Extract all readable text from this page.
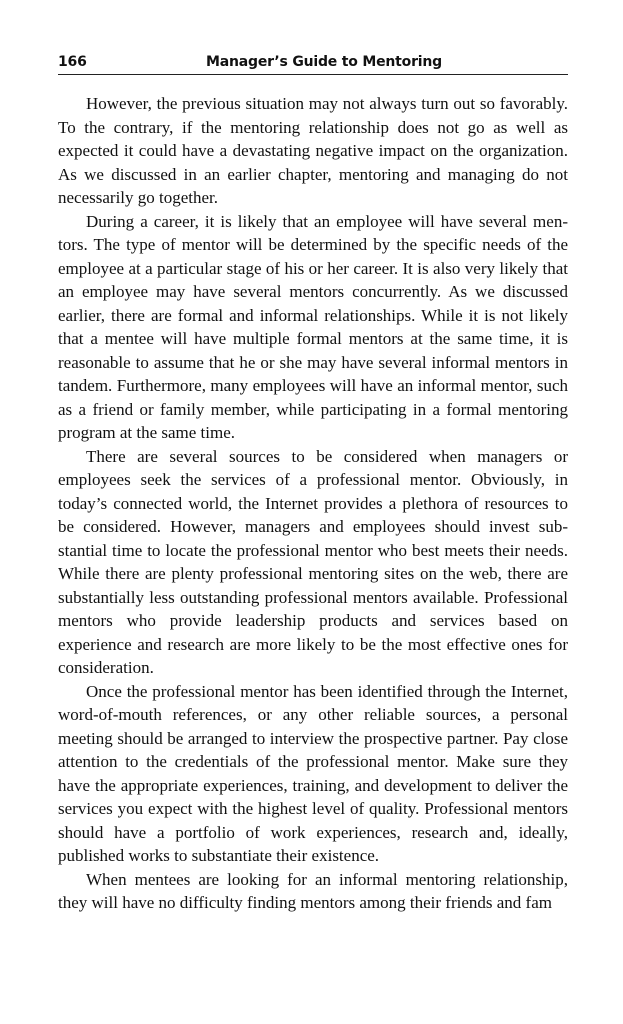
166	Manager’s Guide to Mentoring

However, the previous situation may not always turn out so favorably. To the contrary, if the mentoring relationship does not go as well as expected it could have a devastating negative impact on the organization. As we discussed in an earlier chapter, mentoring and managing do not necessarily go together.

During a career, it is likely that an employee will have several mentors. The type of mentor will be determined by the specific needs of the employee at a particular stage of his or her career. It is also very likely that an employee may have several mentors concurrently. As we discussed earlier, there are formal and informal relationships. While it is not likely that a mentee will have multiple formal mentors at the same time, it is reasonable to assume that he or she may have several informal mentors in tandem. Furthermore, many employees will have an informal mentor, such as a friend or family member, while participating in a formal mentoring program at the same time.

There are several sources to be considered when managers or employees seek the services of a professional mentor. Obviously, in today’s connected world, the Internet provides a plethora of resources to be considered. However, managers and employees should invest substantial time to locate the professional mentor who best meets their needs. While there are plenty professional mentoring sites on the web, there are substantially less outstanding professional mentors available. Professional mentors who provide leadership products and services based on experience and research are more likely to be the most effective ones for consideration.

Once the professional mentor has been identified through the Internet, word-of-mouth references, or any other reliable sources, a personal meeting should be arranged to interview the prospective partner. Pay close attention to the credentials of the professional mentor. Make sure they have the appropriate experiences, training, and development to deliver the services you expect with the highest level of quality. Professional mentors should have a portfolio of work experiences, research and, ideally, published works to substantiate their existence.

When mentees are looking for an informal mentoring relationship, they will have no difficulty finding mentors among their friends and fam
